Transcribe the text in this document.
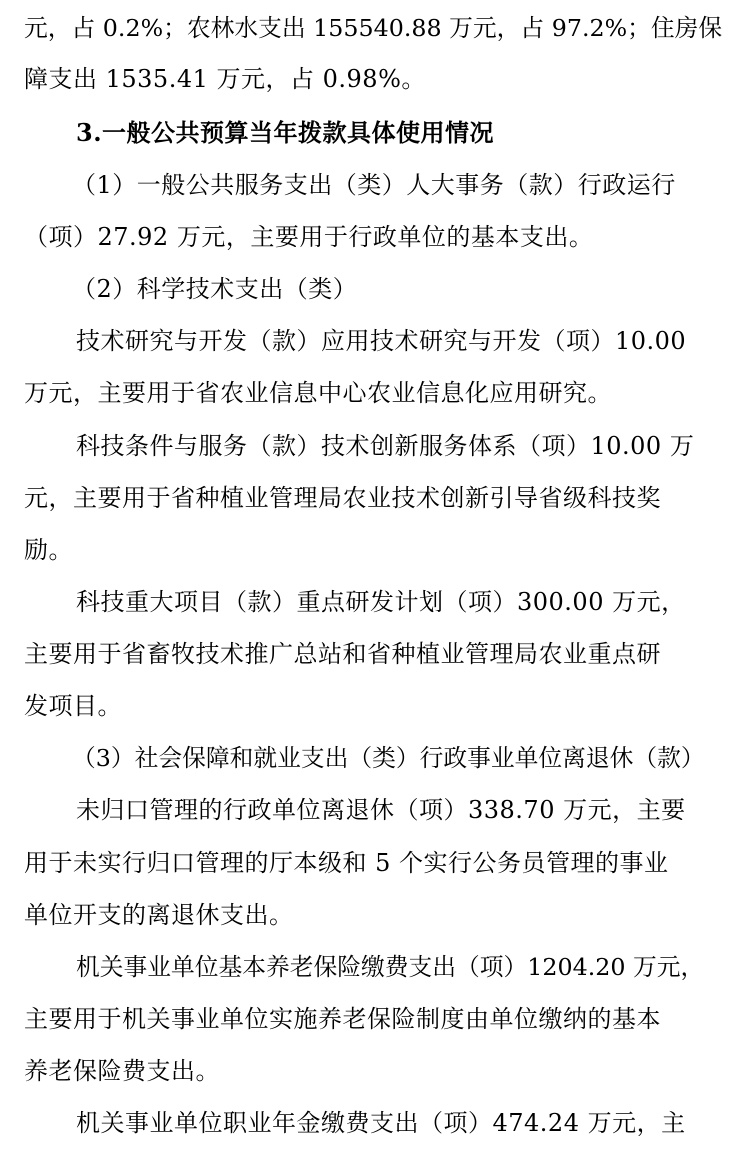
元，占 0.2%；农林水支出 155540.88 万元，占 97.2%；住房保
障支出 1535.41 万元，占 0.98%。
3.一般公共预算当年拨款具体使用情况
（1）一般公共服务支出（类）人大事务（款）行政运行
（项）27.92 万元，主要用于行政单位的基本支出。
（2）科学技术支出（类）
技术研究与开发（款）应用技术研究与开发（项）10.00
万元，主要用于省农业信息中心农业信息化应用研究。
科技条件与服务（款）技术创新服务体系（项）10.00 万
元，主要用于省种植业管理局农业技术创新引导省级科技奖
励。
科技重大项目（款）重点研发计划（项）300.00 万元，
主要用于省畜牧技术推广总站和省种植业管理局农业重点研
发项目。
（3）社会保障和就业支出（类）行政事业单位离退休（款）
未归口管理的行政单位离退休（项）338.70 万元，主要
用于未实行归口管理的厅本级和 5 个实行公务员管理的事业
单位开支的离退休支出。
机关事业单位基本养老保险缴费支出（项）1204.20 万元，
主要用于机关事业单位实施养老保险制度由单位缴纳的基本
养老保险费支出。
机关事业单位职业年金缴费支出（项）474.24 万元，主
